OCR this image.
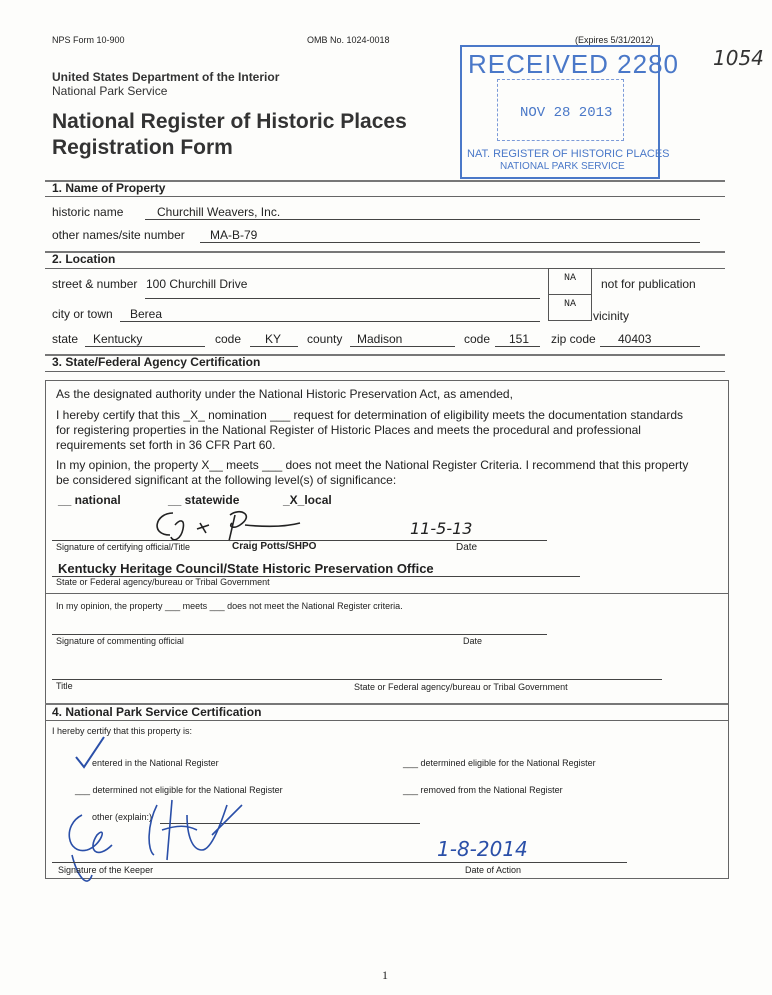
NPS Form 10-900	OMB No. 1024-0018	(Expires 5/31/2012)
1054
United States Department of the Interior
National Park Service
National Register of Historic Places
Registration Form
RECEIVED 2280
NOV 28 2013
NAT. REGISTER OF HISTORIC PLACES
NATIONAL PARK SERVICE
1. Name of Property
historic name	Churchill Weavers, Inc.
other names/site number MA-B-79
2. Location
street & number 100 Churchill Drive	NA	not for publication
city or town Berea
NA
vicinity
state Kentucky	code KY county Madison	code 151 zip code 40403
3. State/Federal Agency Certification
As the designated authority under the National Historic Preservation Act, as amended,
I hereby certify that this _X_ nomination ___ request for determination of eligibility meets the documentation standards
for registering properties in the National Register of Historic Places and meets the procedural and professional
requirements set forth in 36 CFR Part 60.
In my opinion, the property X__ meets ___ does not meet the National Register Criteria. I recommend that this property
be considered significant at the following level(s) of significance:
__ national	__ statewide	_X_local
11-5-13
Signature of certifying official/Title	Craig Potts/SHPO	Date
Kentucky Heritage Council/State Historic Preservation Office
State or Federal agency/bureau or Tribal Government
In my opinion, the property ___ meets ___ does not meet the National Register criteria.
Signature of commenting official	Date
Title	State or Federal agency/bureau or Tribal Government
4. National Park Service Certification
I hereby certify that this property is:
entered in the National Register	___ determined eligible for the National Register
___ determined not eligible for the National Register	___ removed from the National Register
other (explain:)
1-8-2014
Signature of the Keeper	Date of Action
1
